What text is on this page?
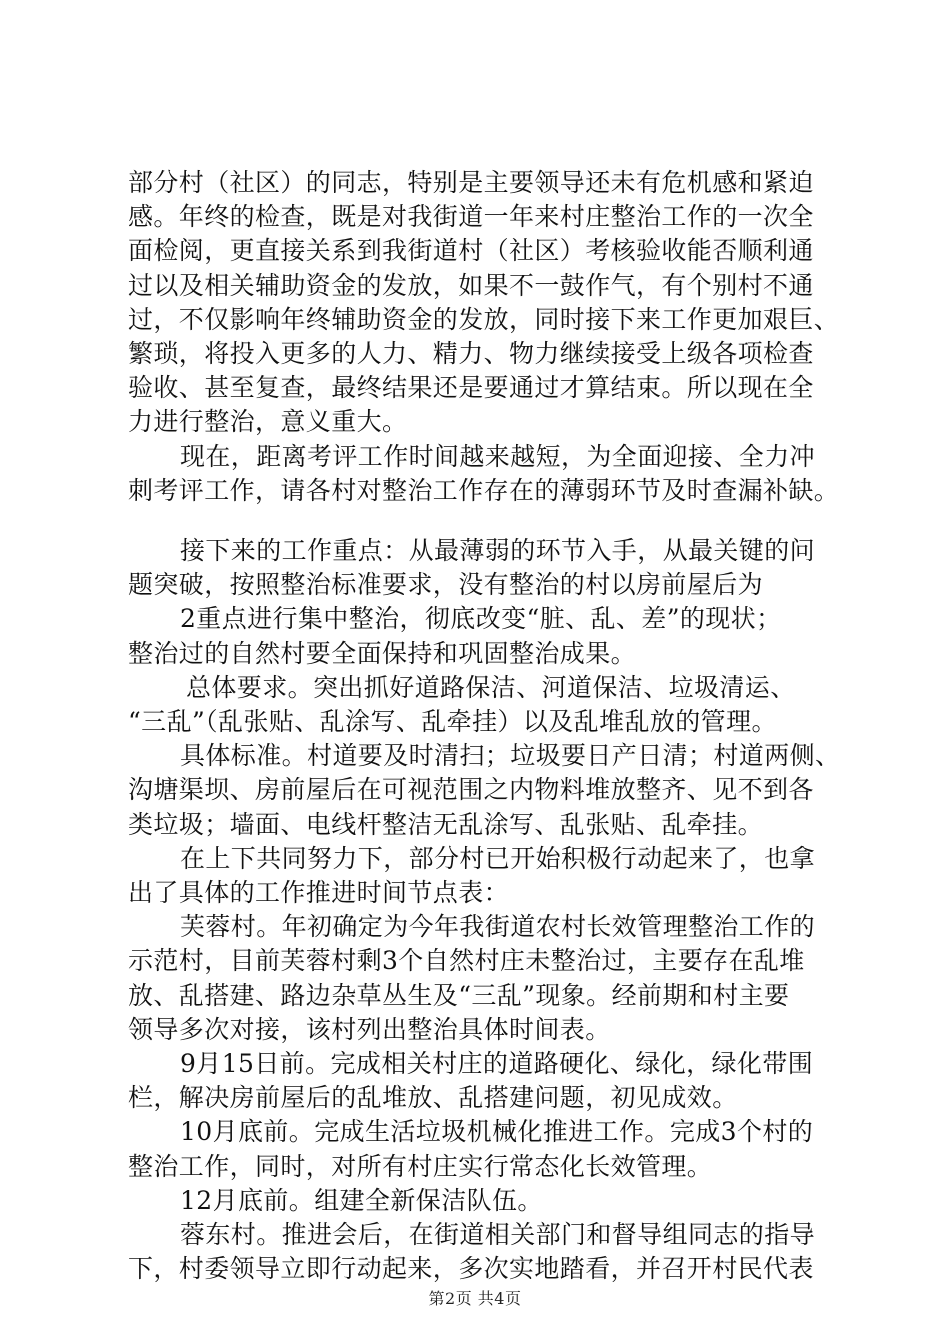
部分村（社区）的同志，特别是主要领导还未有危机感和紧迫

感。年终的检查，既是对我街道一年来村庄整治工作的一次全

面检阅，更直接关系到我街道村（社区）考核验收能否顺利通

过以及相关辅助资金的发放，如果不一鼓作气，有个别村不通

过，不仅影响年终辅助资金的发放，同时接下来工作更加艰巨、

繁琐，将投入更多的人力、精力、物力继续接受上级各项检查

验收、甚至复查，最终结果还是要通过才算结束。所以现在全

力进行整治，意义重大。

现在，距离考评工作时间越来越短，为全面迎接、全力冲

刺考评工作，请各村对整治工作存在的薄弱环节及时查漏补缺。

接下来的工作重点：从最薄弱的环节入手，从最关键的问

题突破，按照整治标准要求，没有整治的村以房前屋后为

2重点进行集中整治，彻底改变“脏、乱、差”的现状；

整治过的自然村要全面保持和巩固整治成果。

总体要求。突出抓好道路保洁、河道保洁、垃圾清运、

“三乱”（乱张贴、乱涂写、乱牵挂）以及乱堆乱放的管理。

具体标准。村道要及时清扫；垃圾要日产日清；村道两侧、

沟塘渠坝、房前屋后在可视范围之内物料堆放整齐、见不到各

类垃圾；墙面、电线杆整洁无乱涂写、乱张贴、乱牵挂。

在上下共同努力下，部分村已开始积极行动起来了，也拿

出了具体的工作推进时间节点表：

芙蓉村。年初确定为今年我街道农村长效管理整治工作的

示范村，目前芙蓉村剩3个自然村庄未整治过，主要存在乱堆

放、乱搭建、路边杂草丛生及“三乱”现象。经前期和村主要

领导多次对接，该村列出整治具体时间表。

9月15日前。完成相关村庄的道路硬化、绿化，绿化带围

栏，解决房前屋后的乱堆放、乱搭建问题，初见成效。

10月底前。完成生活垃圾机械化推进工作。完成3个村的

整治工作，同时，对所有村庄实行常态化长效管理。

12月底前。组建全新保洁队伍。

蓉东村。推进会后，在街道相关部门和督导组同志的指导

下，村委领导立即行动起来，多次实地踏看，并召开村民代表

第2页 共4页
